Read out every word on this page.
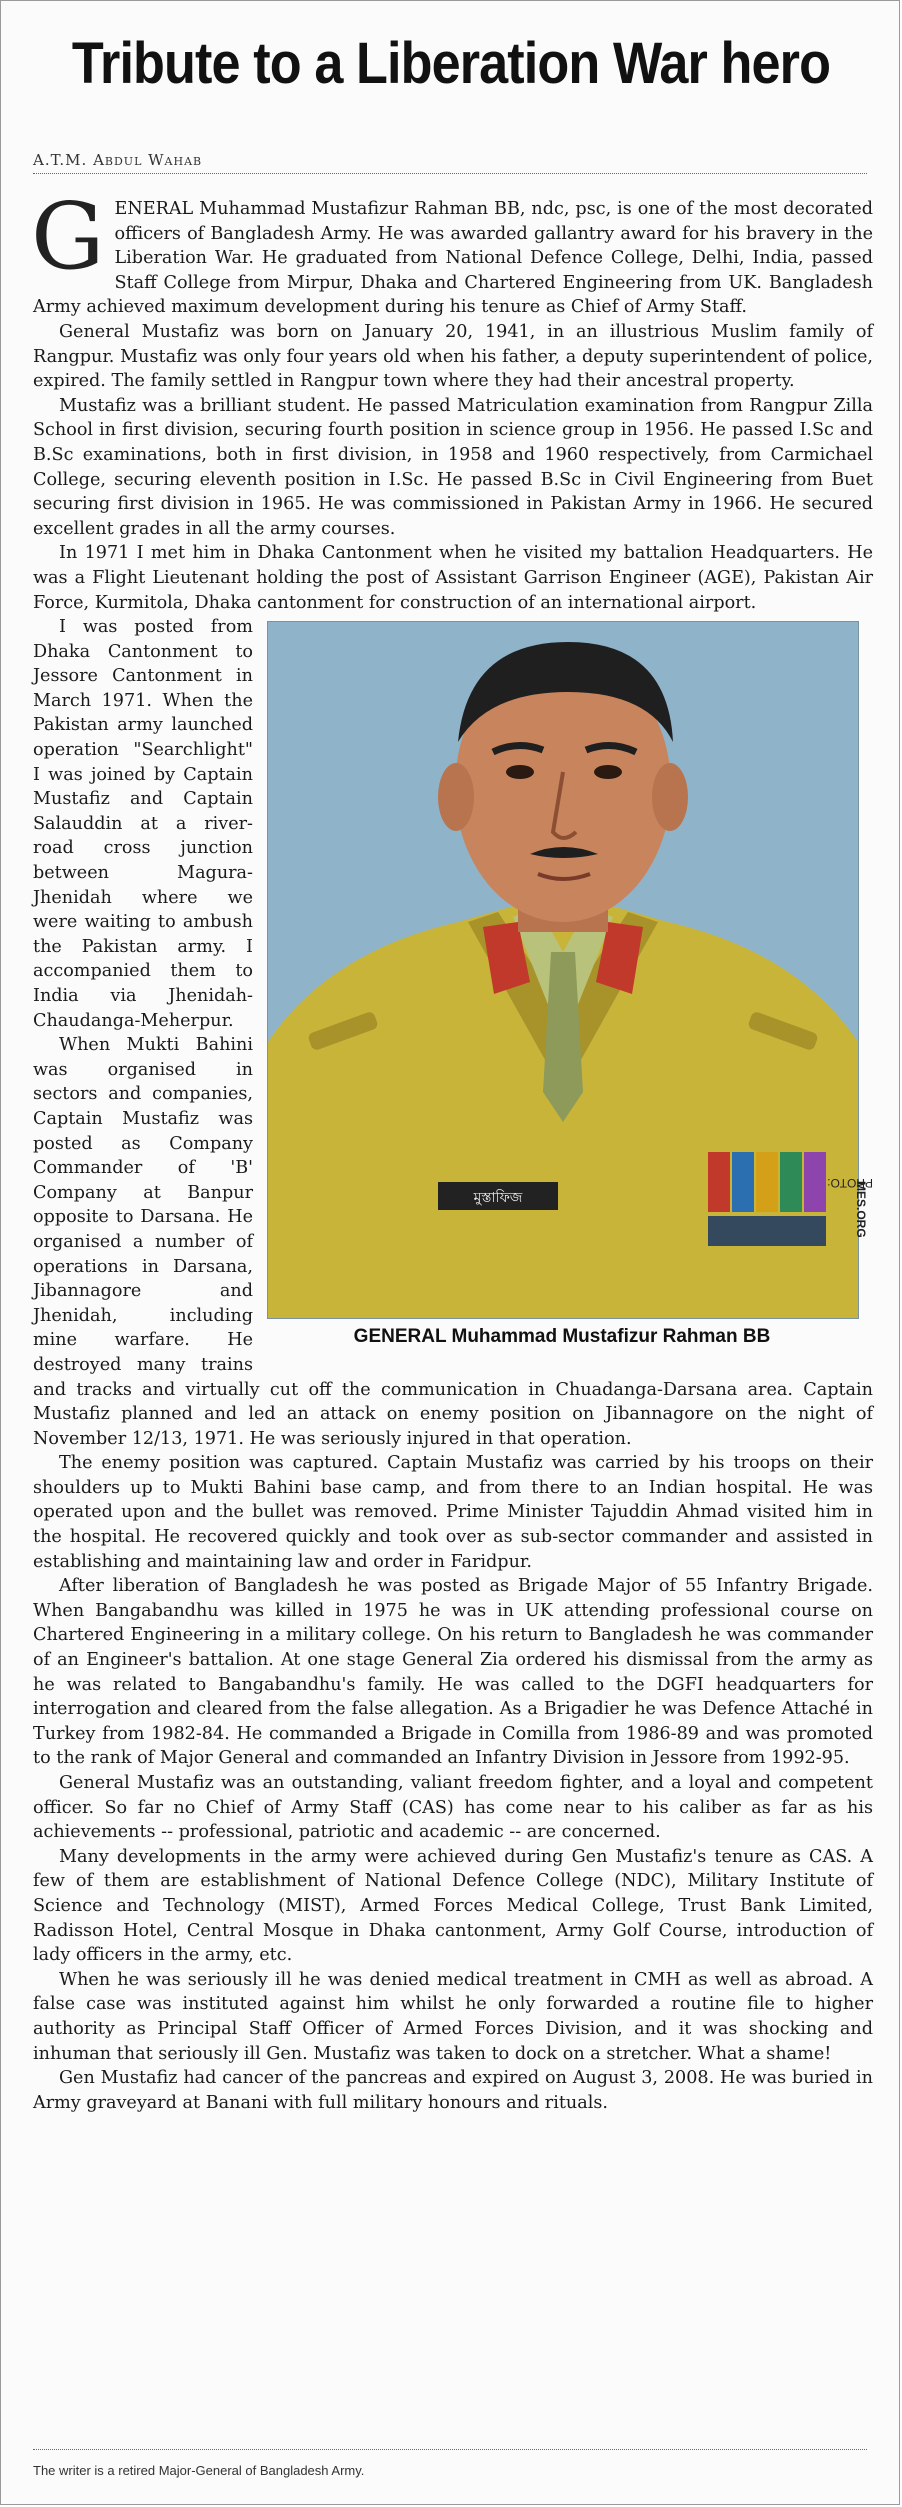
Tribute to a Liberation War hero
A.T.M. Abdul Wahab

GENERAL Muhammad Mustafizur Rahman BB, ndc, psc, is one of the most decorated officers of Bangladesh Army. He was awarded gallantry award for his bravery in the Liberation War. He graduated from National Defence College, Delhi, India, passed Staff College from Mirpur, Dhaka and Chartered Engineering from UK. Bangladesh Army achieved maximum development during his tenure as Chief of Army Staff.

General Mustafiz was born on January 20, 1941, in an illustrious Muslim family of Rangpur. Mustafiz was only four years old when his father, a deputy superintendent of police, expired. The family settled in Rangpur town where they had their ancestral property.

Mustafiz was a brilliant student. He passed Matriculation examination from Rangpur Zilla School in first division, securing fourth position in science group in 1956. He passed I.Sc and B.Sc examinations, both in first division, in 1958 and 1960 respectively, from Carmichael College, securing eleventh position in I.Sc. He passed B.Sc in Civil Engineering from Buet securing first division in 1965. He was commissioned in Pakistan Army in 1966. He secured excellent grades in all the army courses.

In 1971 I met him in Dhaka Cantonment when he visited my battalion Headquarters. He was a Flight Lieutenant holding the post of Assistant Garrison Engineer (AGE), Pakistan Air Force, Kurmitola, Dhaka cantonment for construction of an international airport.

মুস্তাফিজ
PHOTO:
MES.ORG
GENERAL Muhammad Mustafizur Rahman BB

I was posted from Dhaka Cantonment to Jessore Cantonment in March 1971. When the Pakistan army launched operation "Searchlight" I was joined by Captain Mustafiz and Captain Salauddin at a river-road cross junction between Magura-Jhenidah where we were waiting to ambush the Pakistan army. I accompanied them to India via Jhenidah-Chaudanga-Meherpur.

When Mukti Bahini was organised in sectors and companies, Captain Mustafiz was posted as Company Commander of 'B' Company at Banpur opposite to Darsana. He organised a number of operations in Darsana, Jibannagore and Jhenidah, including mine warfare. He destroyed many trains and tracks and virtually cut off the communication in Chuadanga-Darsana area. Captain Mustafiz planned and led an attack on enemy position on Jibannagore on the night of November 12/13, 1971. He was seriously injured in that operation.

The enemy position was captured. Captain Mustafiz was carried by his troops on their shoulders up to Mukti Bahini base camp, and from there to an Indian hospital. He was operated upon and the bullet was removed. Prime Minister Tajuddin Ahmad visited him in the hospital. He recovered quickly and took over as sub-sector commander and assisted in establishing and maintaining law and order in Faridpur.

After liberation of Bangladesh he was posted as Brigade Major of 55 Infantry Brigade. When Bangabandhu was killed in 1975 he was in UK attending professional course on Chartered Engineering in a military college. On his return to Bangladesh he was commander of an Engineer's battalion. At one stage General Zia ordered his dismissal from the army as he was related to Bangabandhu's family. He was called to the DGFI headquarters for interrogation and cleared from the false allegation. As a Brigadier he was Defence Attaché in Turkey from 1982-84. He commanded a Brigade in Comilla from 1986-89 and was promoted to the rank of Major General and commanded an Infantry Division in Jessore from 1992-95.

General Mustafiz was an outstanding, valiant freedom fighter, and a loyal and competent officer. So far no Chief of Army Staff (CAS) has come near to his caliber as far as his achievements -- professional, patriotic and academic -- are concerned.

Many developments in the army were achieved during Gen Mustafiz's tenure as CAS. A few of them are establishment of National Defence College (NDC), Military Institute of Science and Technology (MIST), Armed Forces Medical College, Trust Bank Limited, Radisson Hotel, Central Mosque in Dhaka cantonment, Army Golf Course, introduction of lady officers in the army, etc.

When he was seriously ill he was denied medical treatment in CMH as well as abroad. A false case was instituted against him whilst he only forwarded a routine file to higher authority as Principal Staff Officer of Armed Forces Division, and it was shocking and inhuman that seriously ill Gen. Mustafiz was taken to dock on a stretcher. What a shame!

Gen Mustafiz had cancer of the pancreas and expired on August 3, 2008. He was buried in Army graveyard at Banani with full military honours and rituals.

The writer is a retired Major-General of Bangladesh Army.
